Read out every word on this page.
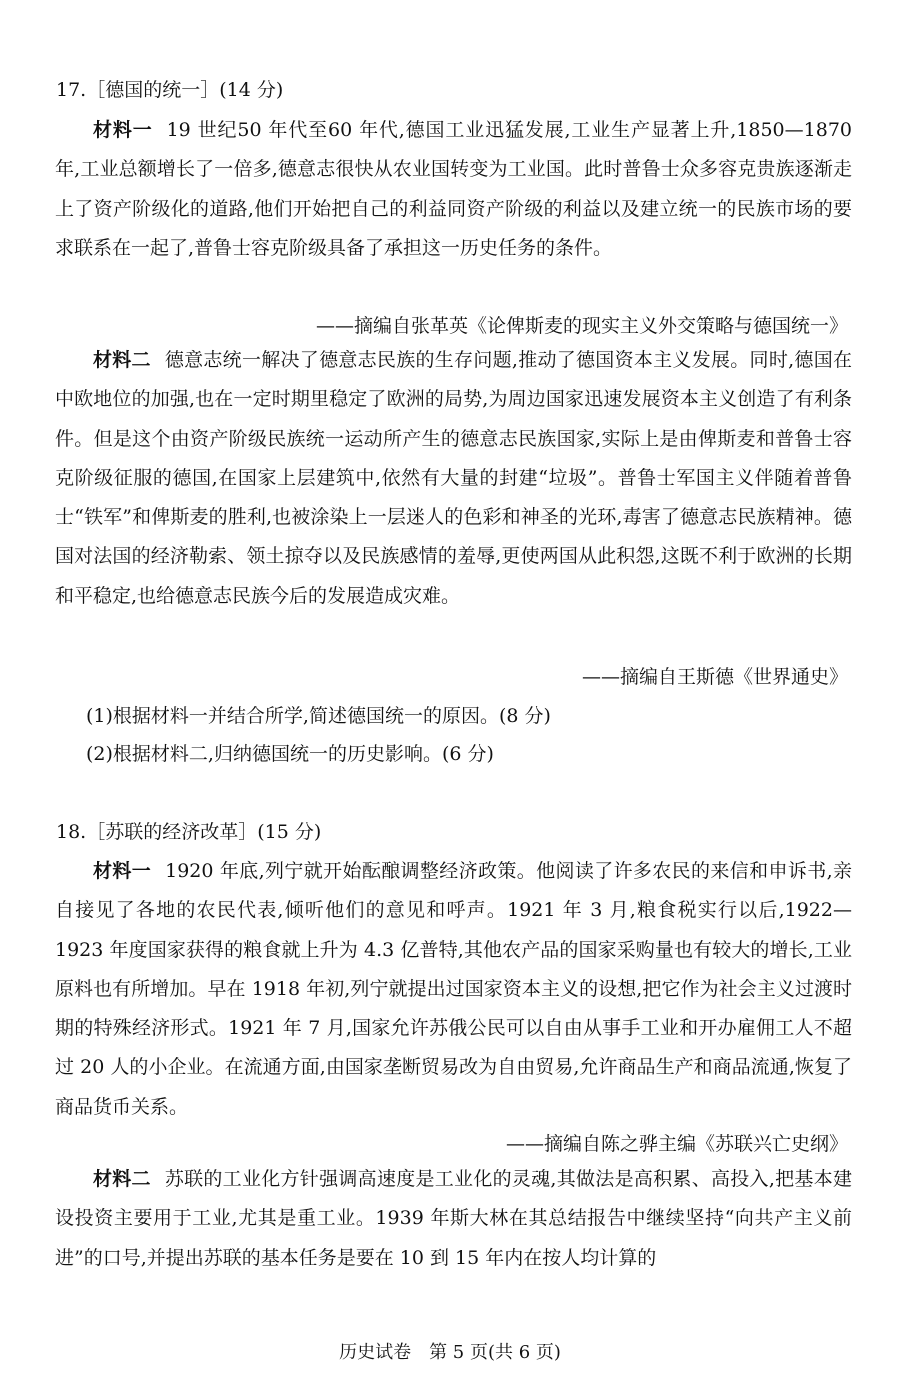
17.［德国的统一］(14 分)

材料一 19 世纪50 年代至60 年代,德国工业迅猛发展,工业生产显著上升,1850—1870 年,工业总额增长了一倍多,德意志很快从农业国转变为工业国。此时普鲁士众多容克贵族逐渐走上了资产阶级化的道路,他们开始把自己的利益同资产阶级的利益以及建立统一的民族市场的要求联系在一起了,普鲁士容克阶级具备了承担这一历史任务的条件。

——摘编自张革英《论俾斯麦的现实主义外交策略与德国统一》

材料二 德意志统一解决了德意志民族的生存问题,推动了德国资本主义发展。同时,德国在中欧地位的加强,也在一定时期里稳定了欧洲的局势,为周边国家迅速发展资本主义创造了有利条件。但是这个由资产阶级民族统一运动所产生的德意志民族国家,实际上是由俾斯麦和普鲁士容克阶级征服的德国,在国家上层建筑中,依然有大量的封建“垃圾”。普鲁士军国主义伴随着普鲁士“铁军”和俾斯麦的胜利,也被涂染上一层迷人的色彩和神圣的光环,毒害了德意志民族精神。德国对法国的经济勒索、领土掠夺以及民族感情的羞辱,更使两国从此积怨,这既不利于欧洲的长期和平稳定,也给德意志民族今后的发展造成灾难。

——摘编自王斯德《世界通史》
(1)根据材料一并结合所学,简述德国统一的原因。(8 分)
(2)根据材料二,归纳德国统一的历史影响。(6 分)
18.［苏联的经济改革］(15 分)

材料一 1920 年底,列宁就开始酝酿调整经济政策。他阅读了许多农民的来信和申诉书,亲自接见了各地的农民代表,倾听他们的意见和呼声。1921 年 3 月,粮食税实行以后,1922—1923 年度国家获得的粮食就上升为 4.3 亿普特,其他农产品的国家采购量也有较大的增长,工业原料也有所增加。早在 1918 年初,列宁就提出过国家资本主义的设想,把它作为社会主义过渡时期的特殊经济形式。1921 年 7 月,国家允许苏俄公民可以自由从事手工业和开办雇佣工人不超过 20 人的小企业。在流通方面,由国家垄断贸易改为自由贸易,允许商品生产和商品流通,恢复了商品货币关系。

——摘编自陈之骅主编《苏联兴亡史纲》

材料二 苏联的工业化方针强调高速度是工业化的灵魂,其做法是高积累、高投入,把基本建设投资主要用于工业,尤其是重工业。1939 年斯大林在其总结报告中继续坚持“向共产主义前进”的口号,并提出苏联的基本任务是要在 10 到 15 年内在按人均计算的

历史试卷　第 5 页(共 6 页)
